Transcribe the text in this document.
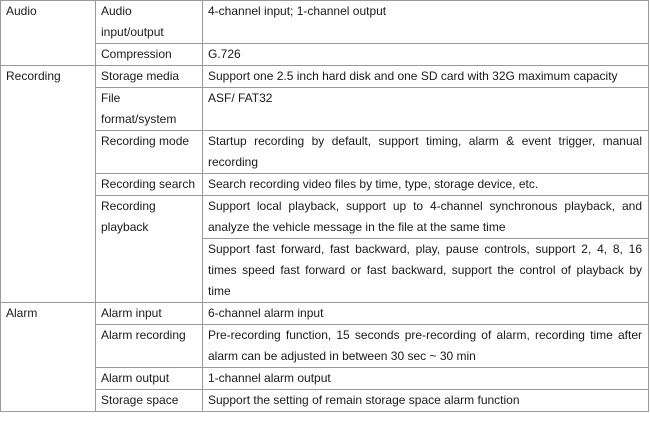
Audio	Audio input/output	4-channel input; 1-channel output
	Compression	G.726
Recording	Storage media	Support one 2.5 inch hard disk and one SD card with 32G maximum capacity
	File format/system	ASF/ FAT32
	Recording mode	Startup recording by default, support timing, alarm & event trigger, manual recording
	Recording search	Search recording video files by time, type, storage device, etc.
	Recording playback	Support local playback, support up to 4-channel synchronous playback, and analyze the vehicle message in the file at the same time
		Support fast forward, fast backward, play, pause controls, support 2, 4, 8, 16 times speed fast forward or fast backward, support the control of playback by time
Alarm	Alarm input	6-channel alarm input
	Alarm recording	Pre-recording function, 15 seconds pre-recording of alarm, recording time after alarm can be adjusted in between 30 sec ~ 30 min
	Alarm output	1-channel alarm output
	Storage space	Support the setting of remain storage space alarm function
